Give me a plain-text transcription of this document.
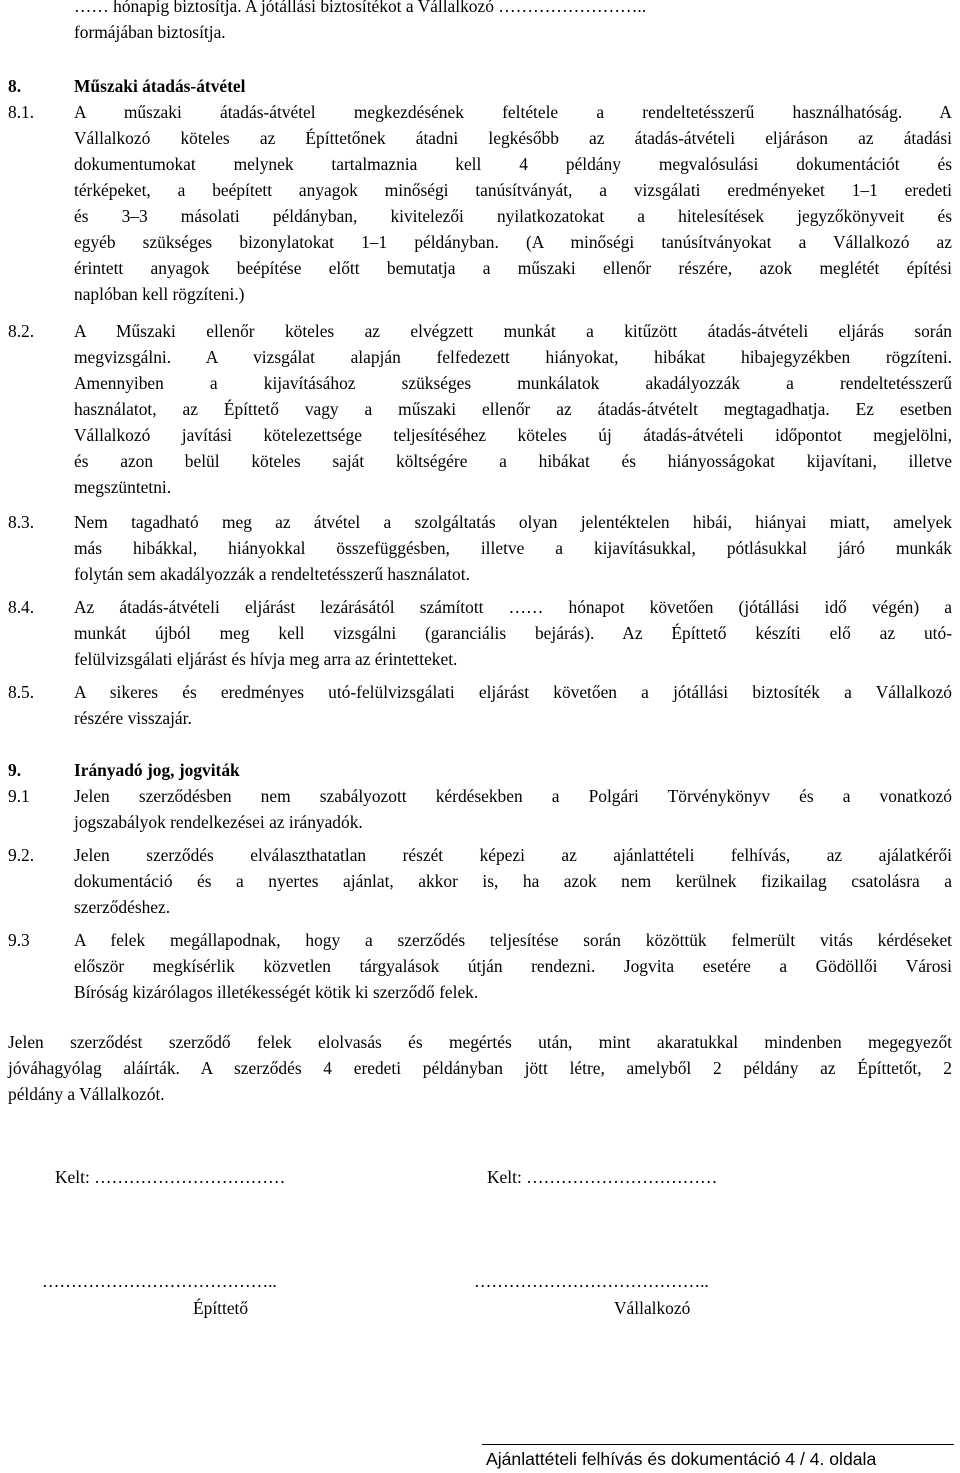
…… hónapig biztosítja. A jótállási biztosítékot a Vállalkozó ……………………..
formájában biztosítja.
8.	Műszaki átadás-átvétel
8.1. A műszaki átadás-átvétel megkezdésének feltétele a rendeltetésszerű használhatóság. A
Vállalkozó köteles az Építtetőnek átadni legkésőbb az átadás-átvételi eljáráson az átadási
dokumentumokat melynek tartalmaznia kell 4 példány megvalósulási dokumentációt és
térképeket, a beépített anyagok minőségi tanúsítványát, a vizsgálati eredményeket 1–1 eredeti
és 3–3 másolati példányban, kivitelezői nyilatkozatokat a hitelesítések jegyzőkönyveit és
egyéb szükséges bizonylatokat 1–1 példányban. (A minőségi tanúsítványokat a Vállalkozó az
érintett anyagok beépítése előtt bemutatja a műszaki ellenőr részére, azok meglétét építési
naplóban kell rögzíteni.)
8.2. A Műszaki ellenőr köteles az elvégzett munkát a kitűzött átadás-átvételi eljárás során
megvizsgálni. A vizsgálat alapján felfedezett hiányokat, hibákat hibajegyzékben rögzíteni.
Amennyiben a kijavításához szükséges munkálatok akadályozzák a rendeltetésszerű
használatot, az Építtető vagy a műszaki ellenőr az átadás-átvételt megtagadhatja. Ez esetben
Vállalkozó javítási kötelezettsége teljesítéséhez köteles új átadás-átvételi időpontot megjelölni,
és azon belül köteles saját költségére a hibákat és hiányosságokat kijavítani, illetve
megszüntetni.
8.3. Nem tagadható meg az átvétel a szolgáltatás olyan jelentéktelen hibái, hiányai miatt, amelyek
más hibákkal, hiányokkal összefüggésben, illetve a kijavításukkal, pótlásukkal járó munkák
folytán sem akadályozzák a rendeltetésszerű használatot.
8.4. Az átadás-átvételi eljárást lezárásától számított …… hónapot követően (jótállási idő végén) a
munkát újból meg kell vizsgálni (garanciális bejárás). Az Építtető készíti elő az utó-
felülvizsgálati eljárást és hívja meg arra az érintetteket.
8.5. A sikeres és eredményes utó-felülvizsgálati eljárást követően a jótállási biztosíték a Vállalkozó
részére visszajár.
9.	Irányadó jog, jogviták
9.1	Jelen szerződésben nem szabályozott kérdésekben a Polgári Törvénykönyv és a vonatkozó
jogszabályok rendelkezései az irányadók.
9.2. Jelen szerződés elválaszthatatlan részét képezi az ajánlattételi felhívás, az ajálatkérői
dokumentáció és a nyertes ajánlat, akkor is, ha azok nem kerülnek fizikailag csatolásra a
szerződéshez.
9.3	A felek megállapodnak, hogy a szerződés teljesítése során közöttük felmerült vitás kérdéseket
először megkísérlik közvetlen tárgyalások útján rendezni. Jogvita esetére a Gödöllői Városi
Bíróság kizárólagos illetékességét kötik ki szerződő felek.
Jelen szerződést szerződő felek elolvasás és megértés után, mint akaratukkal mindenben megegyezőt
jóváhagyólag aláírták. A szerződés 4 eredeti példányban jött létre, amelyből 2 példány az Építtetőt, 2
példány a Vállalkozót.
Kelt: ……………………………	Kelt: ……………………………
…………………………………..	…………………………………..
Építtető	Vállalkozó
Ajánlattételi felhívás és dokumentáció 4 / 4. oldala
